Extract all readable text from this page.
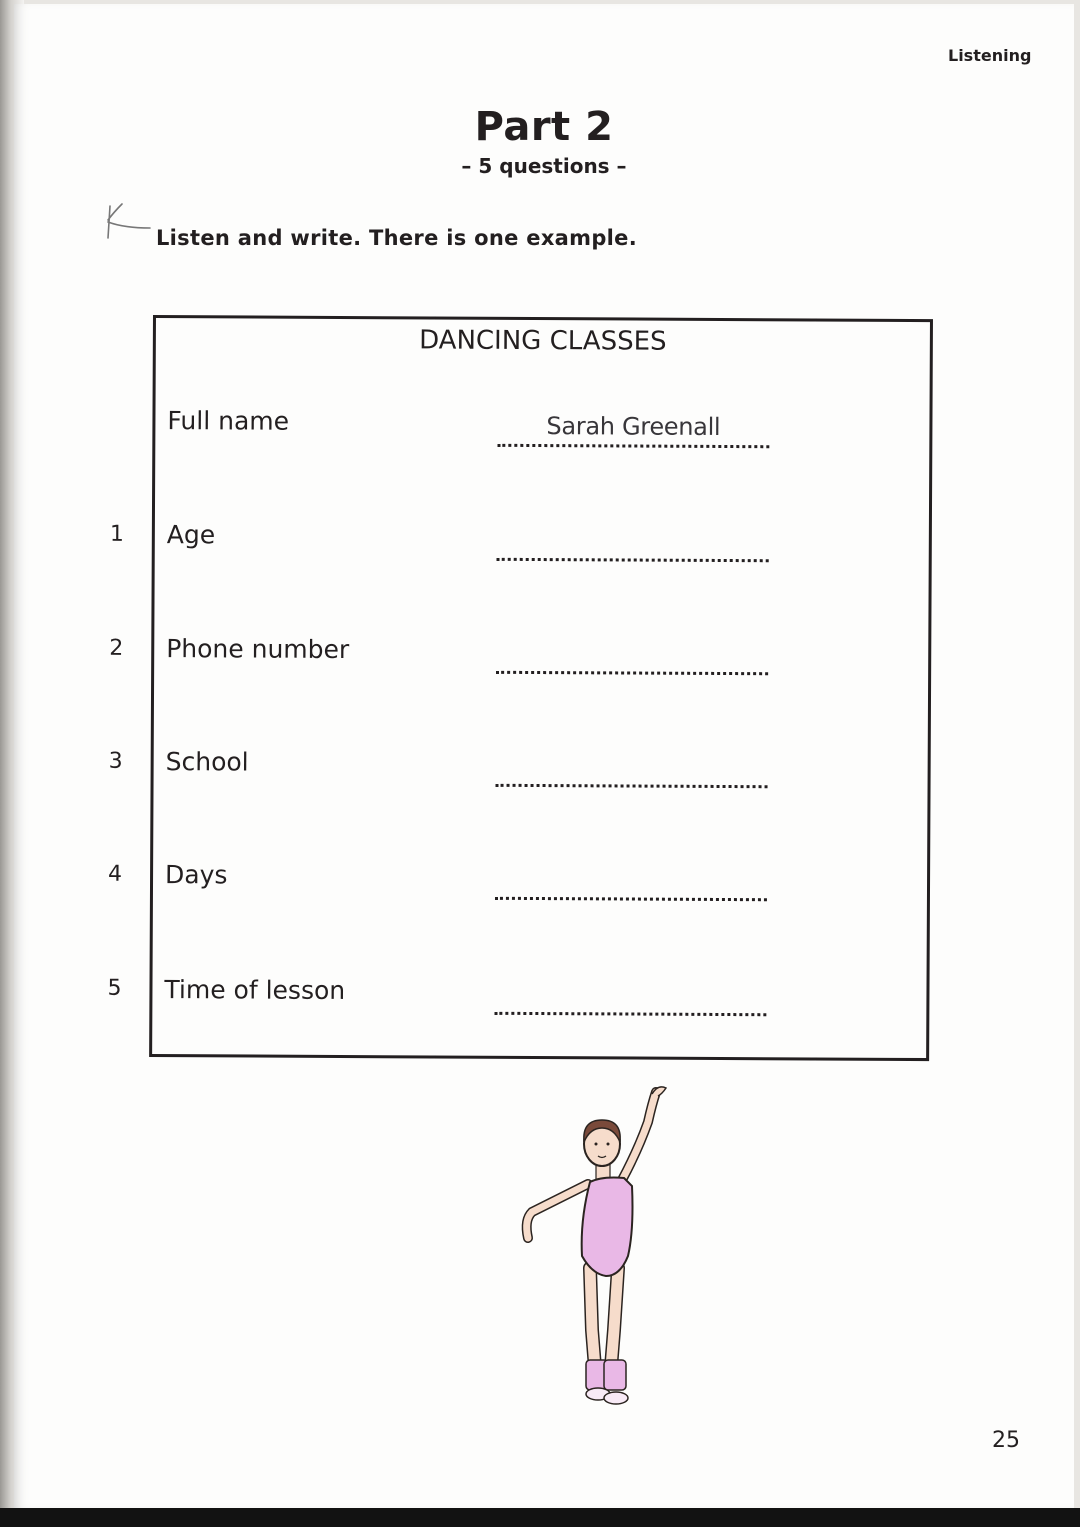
Listening
Part 2
– 5 questions –
Listen and write. There is one example.
DANCING CLASSES
Full name	Sarah Greenall
1 Age
2 Phone number
3 School
4 Days
5 Time of lesson
25
